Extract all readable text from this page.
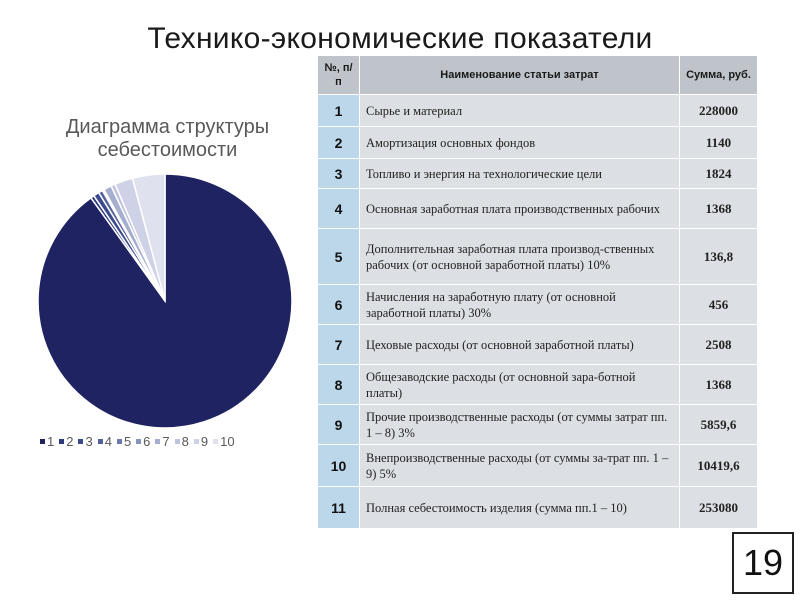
Технико-экономические показатели
Диаграмма структуры себестоимости
1 2 3 4 5 6 7 8 9 10
№, п/п	Наименование статьи затрат	Сумма, руб.
1	Сырье и материал	228000
2	Амортизация основных фондов	1140
3	Топливо и энергия на технологические цели	1824
4	Основная заработная плата производственных рабочих	1368
5	Дополнительная заработная плата производ-ственных рабочих (от основной заработной платы) 10%	136,8
6	Начисления на заработную плату (от основной заработной платы) 30%	456
7	Цеховые расходы (от основной заработной платы)	2508
8	Общезаводские расходы (от основной зара-ботной платы)	1368
9	Прочие производственные расходы (от суммы затрат пп. 1 – 8) 3%	5859,6
10	Внепроизводственные расходы (от суммы за-трат пп. 1 – 9) 5%	10419,6
11	Полная себестоимость изделия (сумма пп.1 – 10)	253080
19
